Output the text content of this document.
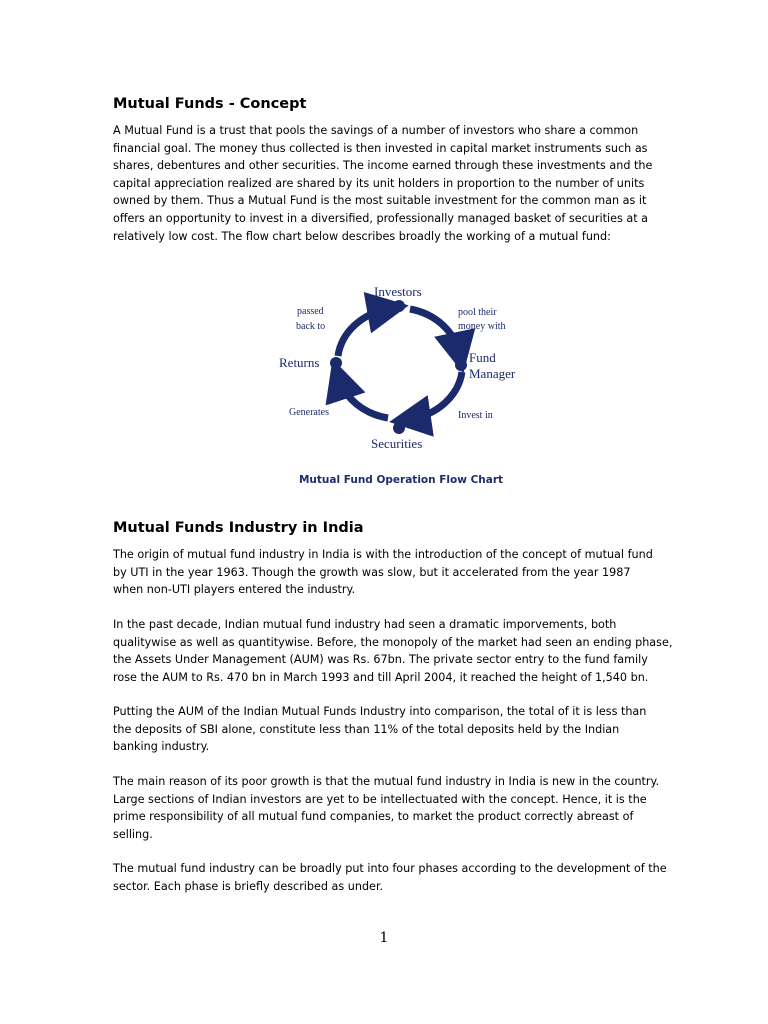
Mutual Funds - Concept

A Mutual Fund is a trust that pools the savings of a number of investors who share a common
financial goal. The money thus collected is then invested in capital market instruments such as
shares, debentures and other securities. The income earned through these investments and the
capital appreciation realized are shared by its unit holders in proportion to the number of units
owned by them. Thus a Mutual Fund is the most suitable investment for the common man as it
offers an opportunity to invest in a diversified, professionally managed basket of securities at a
relatively low cost. The flow chart below describes broadly the working of a mutual fund:

Investors
Fund
Manager
Securities
Returns
pool their
money with
Invest in
Generates
passed
back to

Mutual Fund Operation Flow Chart

Mutual Funds Industry in India

The origin of mutual fund industry in India is with the introduction of the concept of mutual fund
by UTI in the year 1963. Though the growth was slow, but it accelerated from the year 1987
when non-UTI players entered the industry.

In the past decade, Indian mutual fund industry had seen a dramatic imporvements, both
qualitywise as well as quantitywise. Before, the monopoly of the market had seen an ending phase,
the Assets Under Management (AUM) was Rs. 67bn. The private sector entry to the fund family
rose the AUM to Rs. 470 bn in March 1993 and till April 2004, it reached the height of 1,540 bn.

Putting the AUM of the Indian Mutual Funds Industry into comparison, the total of it is less than
the deposits of SBI alone, constitute less than 11% of the total deposits held by the Indian
banking industry.

The main reason of its poor growth is that the mutual fund industry in India is new in the country.
Large sections of Indian investors are yet to be intellectuated with the concept. Hence, it is the
prime responsibility of all mutual fund companies, to market the product correctly abreast of
selling.

The mutual fund industry can be broadly put into four phases according to the development of the
sector. Each phase is briefly described as under.

1
